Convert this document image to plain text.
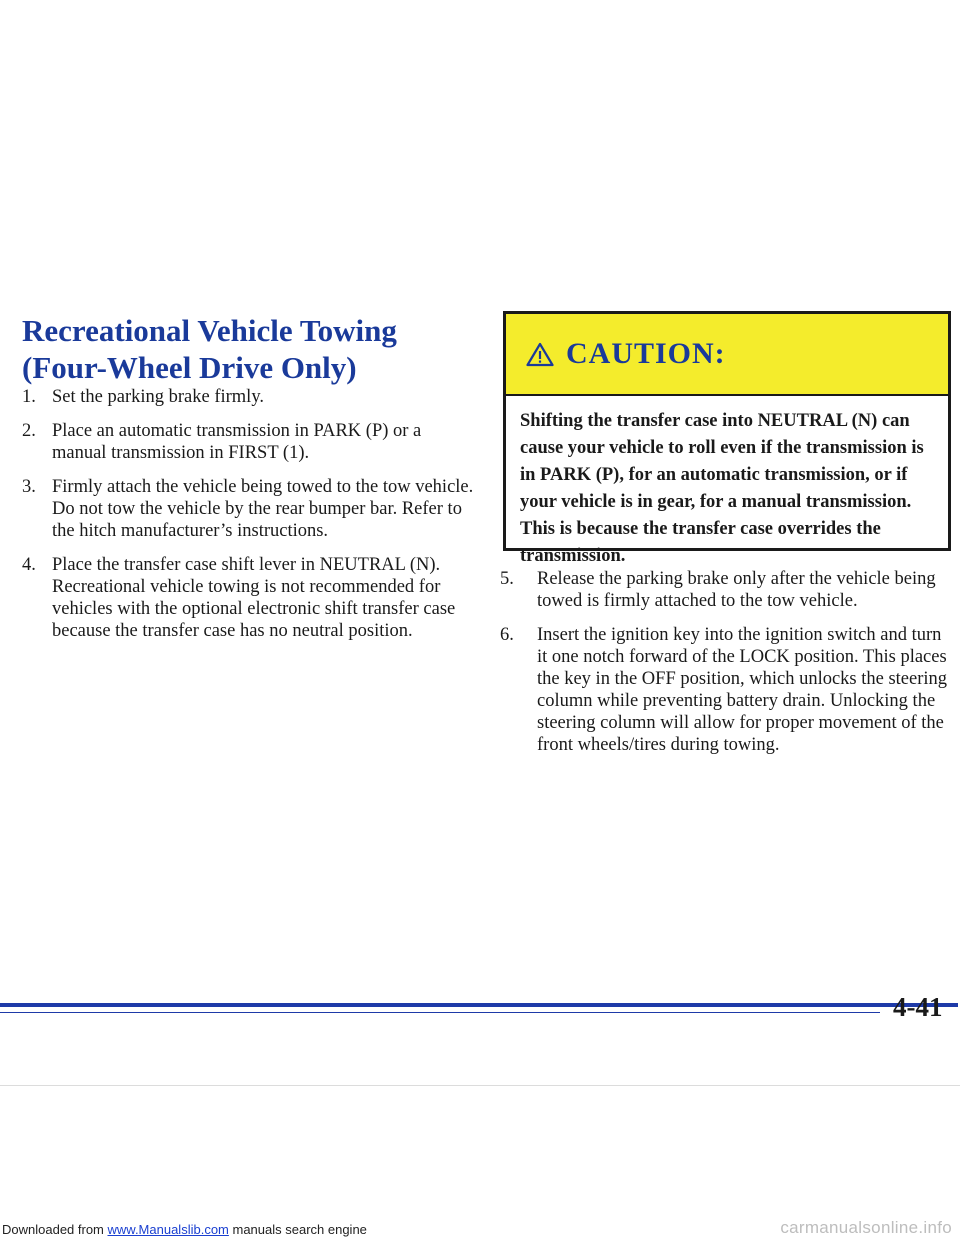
Recreational Vehicle Towing
(Four-Wheel Drive Only)
1. Set the parking brake firmly.
2. Place an automatic transmission in PARK (P) or a manual transmission in FIRST (1).
3. Firmly attach the vehicle being towed to the tow vehicle. Do not tow the vehicle by the rear bumper bar. Refer to the hitch manufacturer’s instructions.
4. Place the transfer case shift lever in NEUTRAL (N). Recreational vehicle towing is not recommended for vehicles with the optional electronic shift transfer case because the transfer case has no neutral position.
CAUTION:
Shifting the transfer case into NEUTRAL (N) can cause your vehicle to roll even if the transmission is in PARK (P), for an automatic transmission, or if your vehicle is in gear, for a manual transmission. This is because the transfer case overrides the transmission.
5. Release the parking brake only after the vehicle being towed is firmly attached to the tow vehicle.
6. Insert the ignition key into the ignition switch and turn it one notch forward of the LOCK position. This places the key in the OFF position, which unlocks the steering column while preventing battery drain. Unlocking the steering column will allow for proper movement of the front wheels/tires during towing.
4-41
Downloaded from www.Manualslib.com manuals search engine	carmanualsonline.info
